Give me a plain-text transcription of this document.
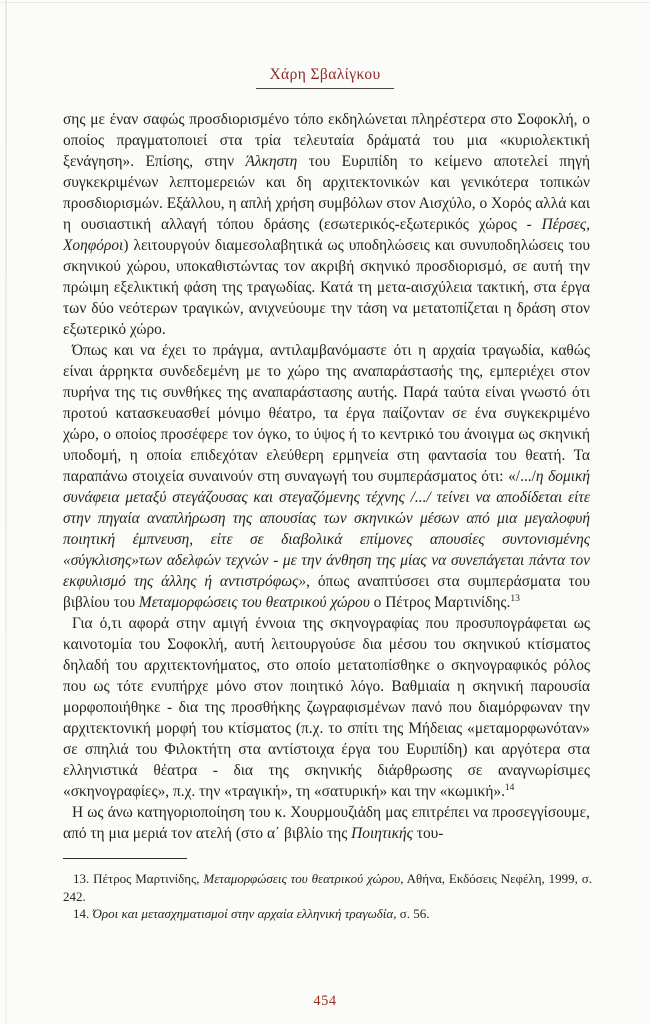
Χάρη Σβαλίγκου

σης με έναν σαφώς προσδιορισμένο τόπο εκδηλώνεται πληρέστερα στο Σοφοκλή, ο οποίος πραγματοποιεί στα τρία τελευταία δράματά του μια «κυριολεκτική ξενάγηση». Επίσης, στην Άλκηστη του Ευριπίδη το κείμενο αποτελεί πηγή συγκεκριμένων λεπτομερειών και δη αρχιτεκτονικών και γενικότερα τοπικών προσδιορισμών. Εξάλλου, η απλή χρήση συμβόλων στον Αισχύλο, ο Χορός αλλά και η ουσιαστική αλλαγή τόπου δράσης (εσωτερικός-εξωτερικός χώρος - Πέρσες, Χοηφόροι) λειτουργούν διαμεσολαβητικά ως υποδηλώσεις και συνυποδηλώσεις του σκηνικού χώρου, υποκαθιστώντας τον ακριβή σκηνικό προσδιορισμό, σε αυτή την πρώιμη εξελικτική φάση της τραγωδίας. Κατά τη μετα-αισχύλεια τακτική, στα έργα των δύο νεότερων τραγικών, ανιχνεύουμε την τάση να μετατοπίζεται η δράση στον εξωτερικό χώρο.

Όπως και να έχει το πράγμα, αντιλαμβανόμαστε ότι η αρχαία τραγωδία, καθώς είναι άρρηκτα συνδεδεμένη με το χώρο της αναπαράστασής της, εμπεριέχει στον πυρήνα της τις συνθήκες της αναπαράστασης αυτής. Παρά ταύτα είναι γνωστό ότι προτού κατασκευασθεί μόνιμο θέατρο, τα έργα παίζονταν σε ένα συγκεκριμένο χώρο, ο οποίος προσέφερε τον όγκο, το ύψος ή το κεντρικό του άνοιγμα ως σκηνική υποδομή, η οποία επιδεχόταν ελεύθερη ερμηνεία στη φαντασία του θεατή. Τα παραπάνω στοιχεία συναινούν στη συναγωγή του συμπεράσματος ότι: «/.../η δομική συνάφεια μεταξύ στεγάζουσας και στεγαζόμενης τέχνης /.../ τείνει να αποδίδεται είτε στην πηγαία αναπλήρωση της απουσίας των σκηνικών μέσων από μια μεγαλοφυή ποιητική έμπνευση, είτε σε διαβολικά επίμονες απουσίες συντονισμένης «σύγκλισης»των αδελφών τεχνών - με την άνθηση της μίας να συνεπάγεται πάντα τον εκφυλισμό της άλλης ή αντιστρόφως», όπως αναπτύσσει στα συμπεράσματα του βιβλίου του Μεταμορφώσεις του θεατρικού χώρου ο Πέτρος Μαρτινίδης.$^{13}$

Για ό,τι αφορά στην αμιγή έννοια της σκηνογραφίας που προσυπογράφεται ως καινοτομία του Σοφοκλή, αυτή λειτουργούσε δια μέσου του σκηνικού κτίσματος δηλαδή του αρχιτεκτονήματος, στο οποίο μετατοπίσθηκε ο σκηνογραφικός ρόλος που ως τότε ενυπήρχε μόνο στον ποιητικό λόγο. Βαθμιαία η σκηνική παρουσία μορφοποιήθηκε - δια της προσθήκης ζωγραφισμένων πανό που διαμόρφωναν την αρχιτεκτονική μορφή του κτίσματος (π.χ. το σπίτι της Μήδειας «μεταμορφωνόταν» σε σπηλιά του Φιλοκτήτη στα αντίστοιχα έργα του Ευριπίδη) και αργότερα στα ελληνιστικά θέατρα - δια της σκηνικής διάρθρωσης σε αναγνωρίσιμες «σκηνογραφίες», π.χ. την «τραγική», τη «σατυρική» και την «κωμική».$^{14}$

Η ως άνω κατηγοριοποίηση του κ. Χουρμουζιάδη μας επιτρέπει να προσεγγίσουμε, από τη μια μεριά τον ατελή (στο α΄ βιβλίο της Ποιητικής του-

13. Πέτρος Μαρτινίδης, Μεταμορφώσεις του θεατρικού χώρου, Αθήνα, Εκδόσεις Νεφέλη, 1999, σ. 242.

14. Όροι και μετασχηματισμοί στην αρχαία ελληνική τραγωδία, σ. 56.

454
